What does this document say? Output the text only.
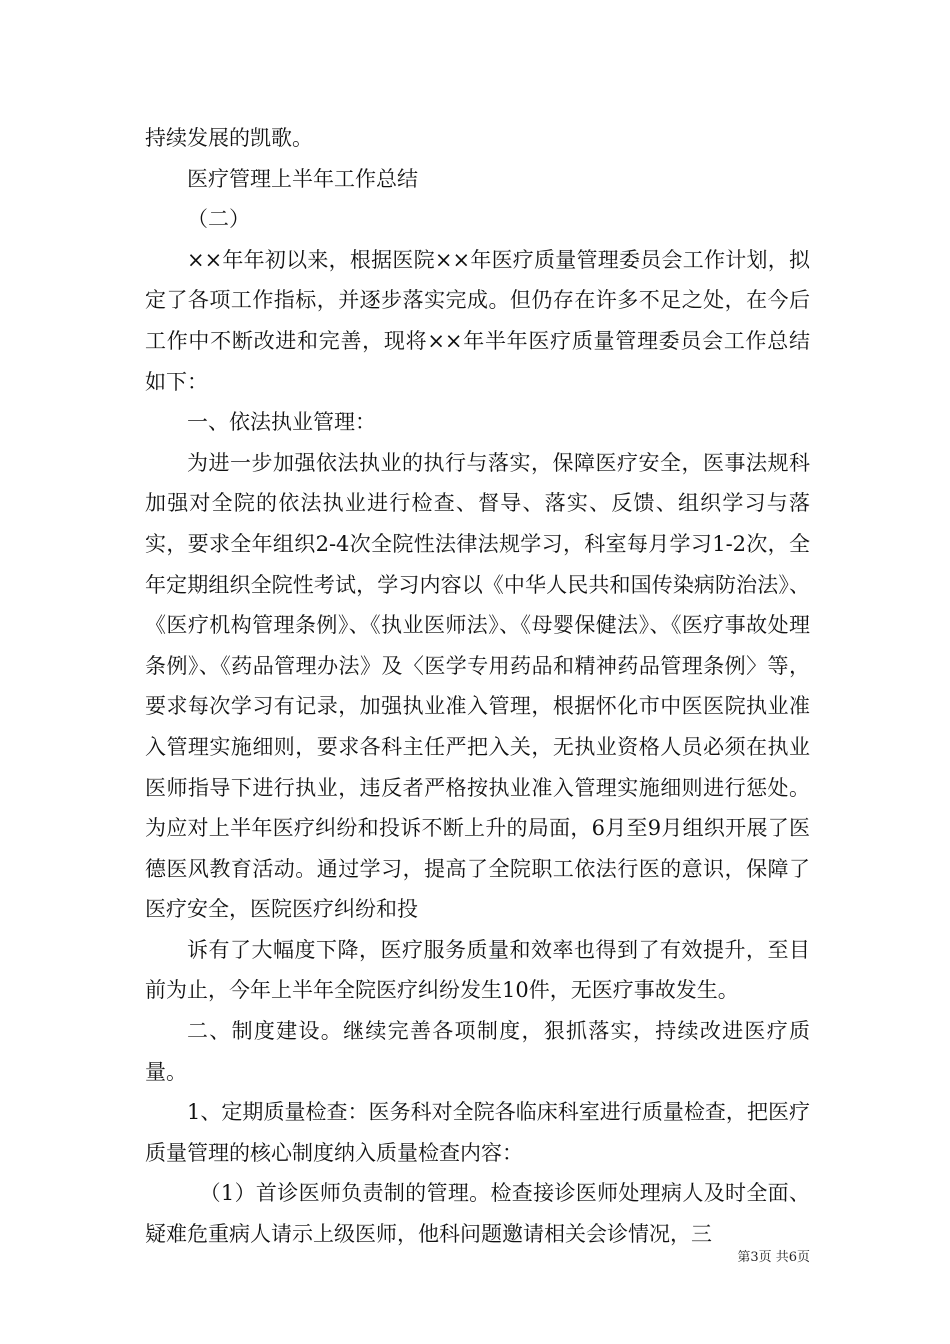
持续发展的凯歌。

医疗管理上半年工作总结

（二）

××年年初以来，根据医院××年医疗质量管理委员会工作计划，拟定了各项工作指标，并逐步落实完成。但仍存在许多不足之处，在今后工作中不断改进和完善，现将××年半年医疗质量管理委员会工作总结如下：

一、依法执业管理：

为进一步加强依法执业的执行与落实，保障医疗安全，医事法规科加强对全院的依法执业进行检查、督导、落实、反馈、组织学习与落实，要求全年组织2-4次全院性法律法规学习，科室每月学习1-2次，全年定期组织全院性考试，学习内容以《中华人民共和国传染病防治法》、《医疗机构管理条例》、《执业医师法》、《母婴保健法》、《医疗事故处理条例》、《药品管理办法》及〈医学专用药品和精神药品管理条例〉等，要求每次学习有记录，加强执业准入管理，根据怀化市中医医院执业准入管理实施细则，要求各科主任严把入关，无执业资格人员必须在执业医师指导下进行执业，违反者严格按执业准入管理实施细则进行惩处。为应对上半年医疗纠纷和投诉不断上升的局面，6月至9月组织开展了医德医风教育活动。通过学习，提高了全院职工依法行医的意识，保障了医疗安全，医院医疗纠纷和投

诉有了大幅度下降，医疗服务质量和效率也得到了有效提升，至目前为止，今年上半年全院医疗纠纷发生10件，无医疗事故发生。

二、制度建设。继续完善各项制度，狠抓落实，持续改进医疗质量。

1、定期质量检查：医务科对全院各临床科室进行质量检查，把医疗质量管理的核心制度纳入质量检查内容：

（1）首诊医师负责制的管理。检查接诊医师处理病人及时全面、疑难危重病人请示上级医师，他科问题邀请相关会诊情况，三

第3页 共6页
